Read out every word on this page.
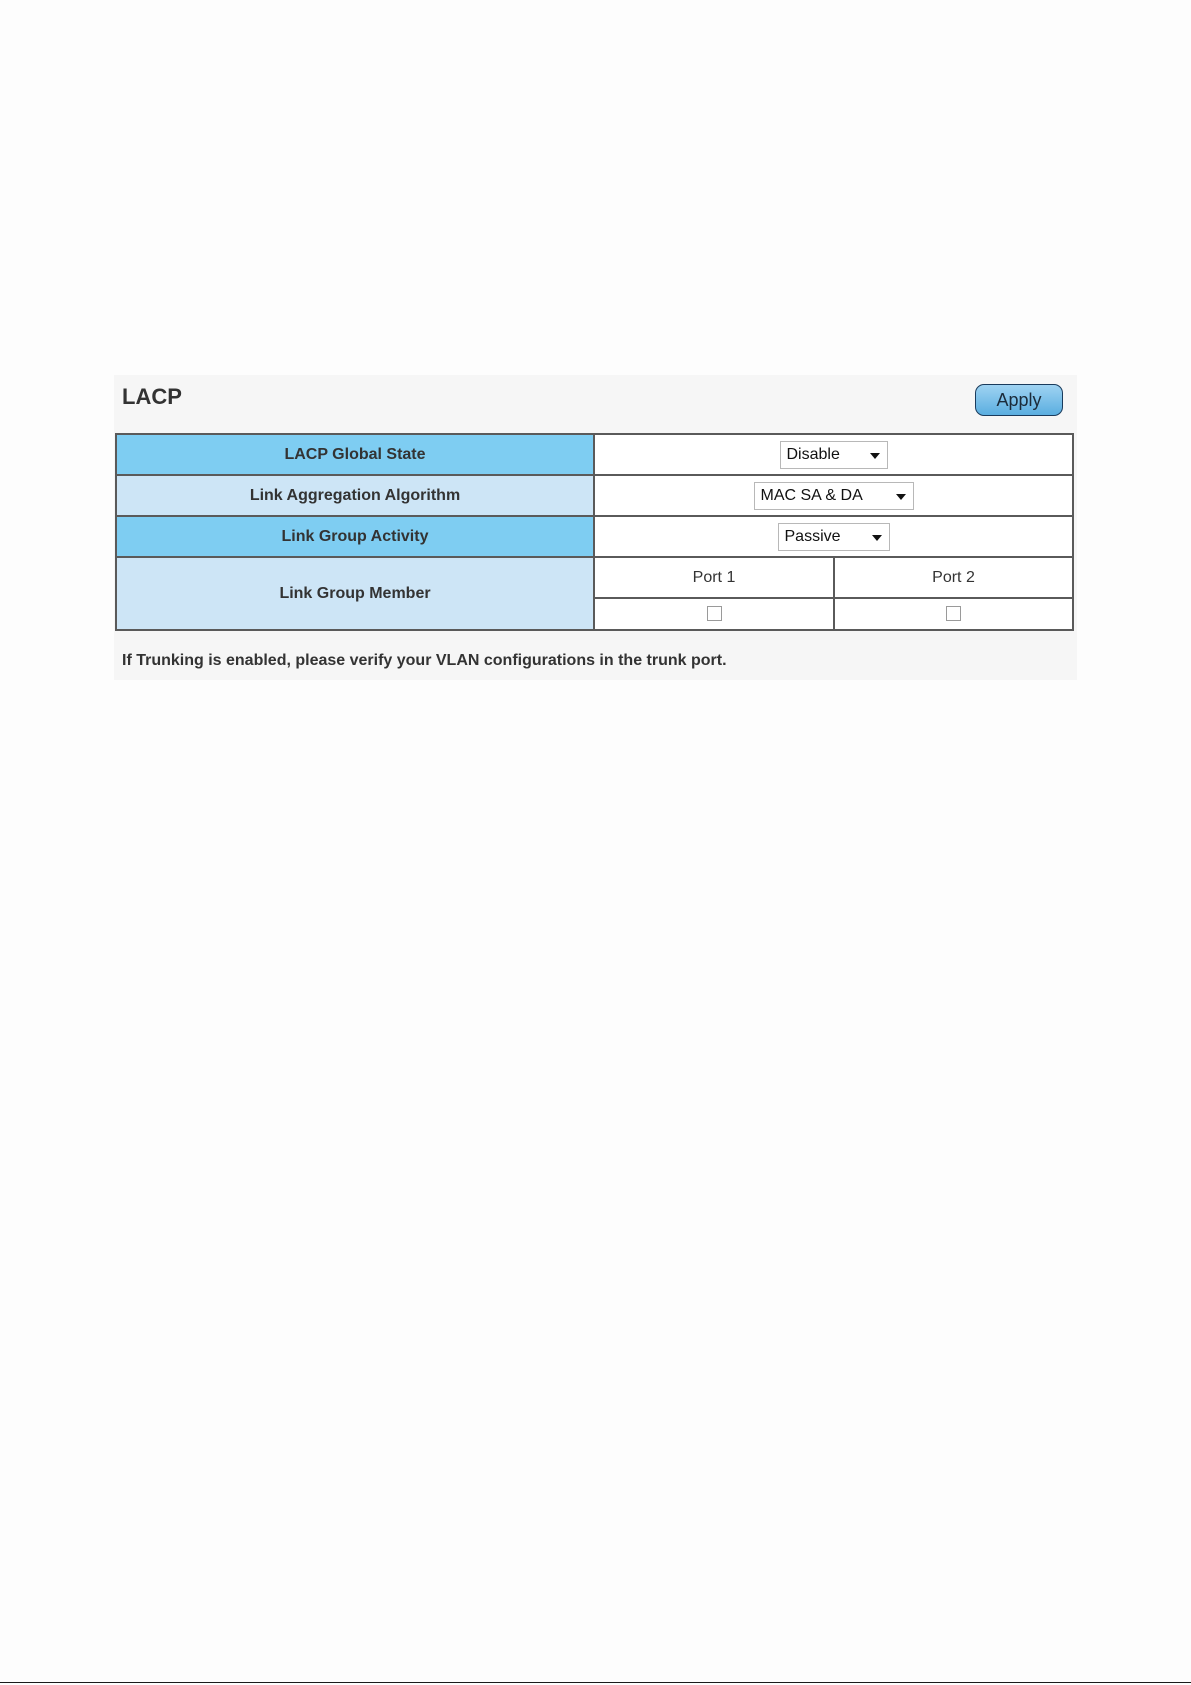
LACP	Apply
LACP Global State	Disable	

Link Aggregation Algorithm	MAC SA & DA	

Link Group Activity	Passive	

Link Group Member	Port 1	Port 2

If Trunking is enabled, please verify your VLAN configurations in the trunk port.
